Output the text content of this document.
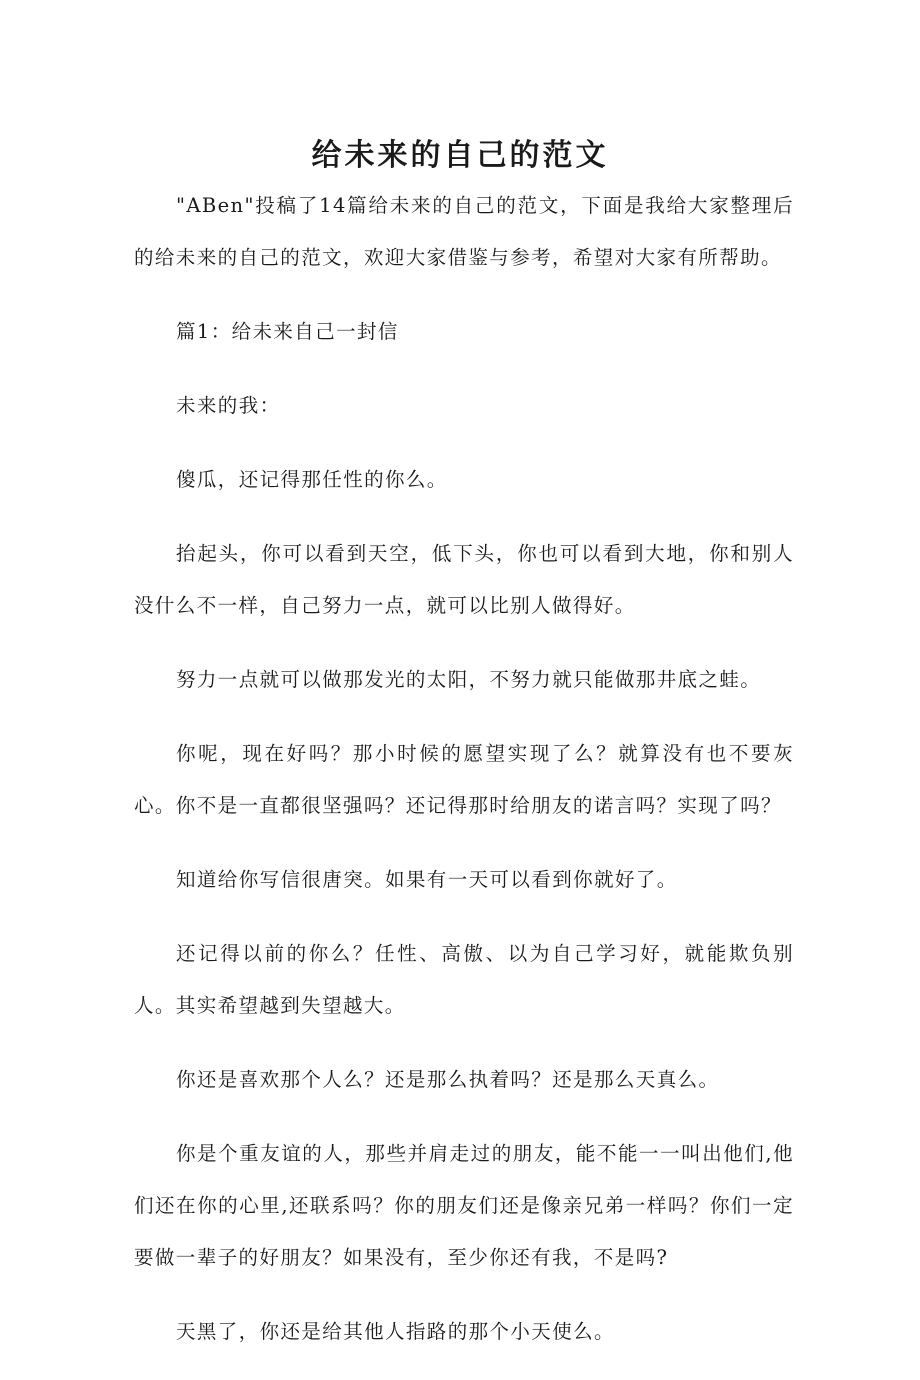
给未来的自己的范文

"ABen"投稿了14篇给未来的自己的范文，下面是我给大家整理后的给未来的自己的范文，欢迎大家借鉴与参考，希望对大家有所帮助。

篇1：给未来自己一封信

未来的我：

傻瓜，还记得那任性的你么。

抬起头，你可以看到天空，低下头，你也可以看到大地，你和别人没什么不一样，自己努力一点，就可以比别人做得好。

努力一点就可以做那发光的太阳，不努力就只能做那井底之蛙。

你呢，现在好吗？那小时候的愿望实现了么？就算没有也不要灰心。你不是一直都很坚强吗？还记得那时给朋友的诺言吗？实现了吗？

知道给你写信很唐突。如果有一天可以看到你就好了。

还记得以前的你么？任性、高傲、以为自己学习好，就能欺负别人。其实希望越到失望越大。

你还是喜欢那个人么？还是那么执着吗？还是那么天真么。

你是个重友谊的人，那些并肩走过的朋友，能不能一一叫出他们,他们还在你的心里,还联系吗？你的朋友们还是像亲兄弟一样吗？你们一定要做一辈子的好朋友？如果没有，至少你还有我，不是吗?

天黑了，你还是给其他人指路的那个小天使么。
